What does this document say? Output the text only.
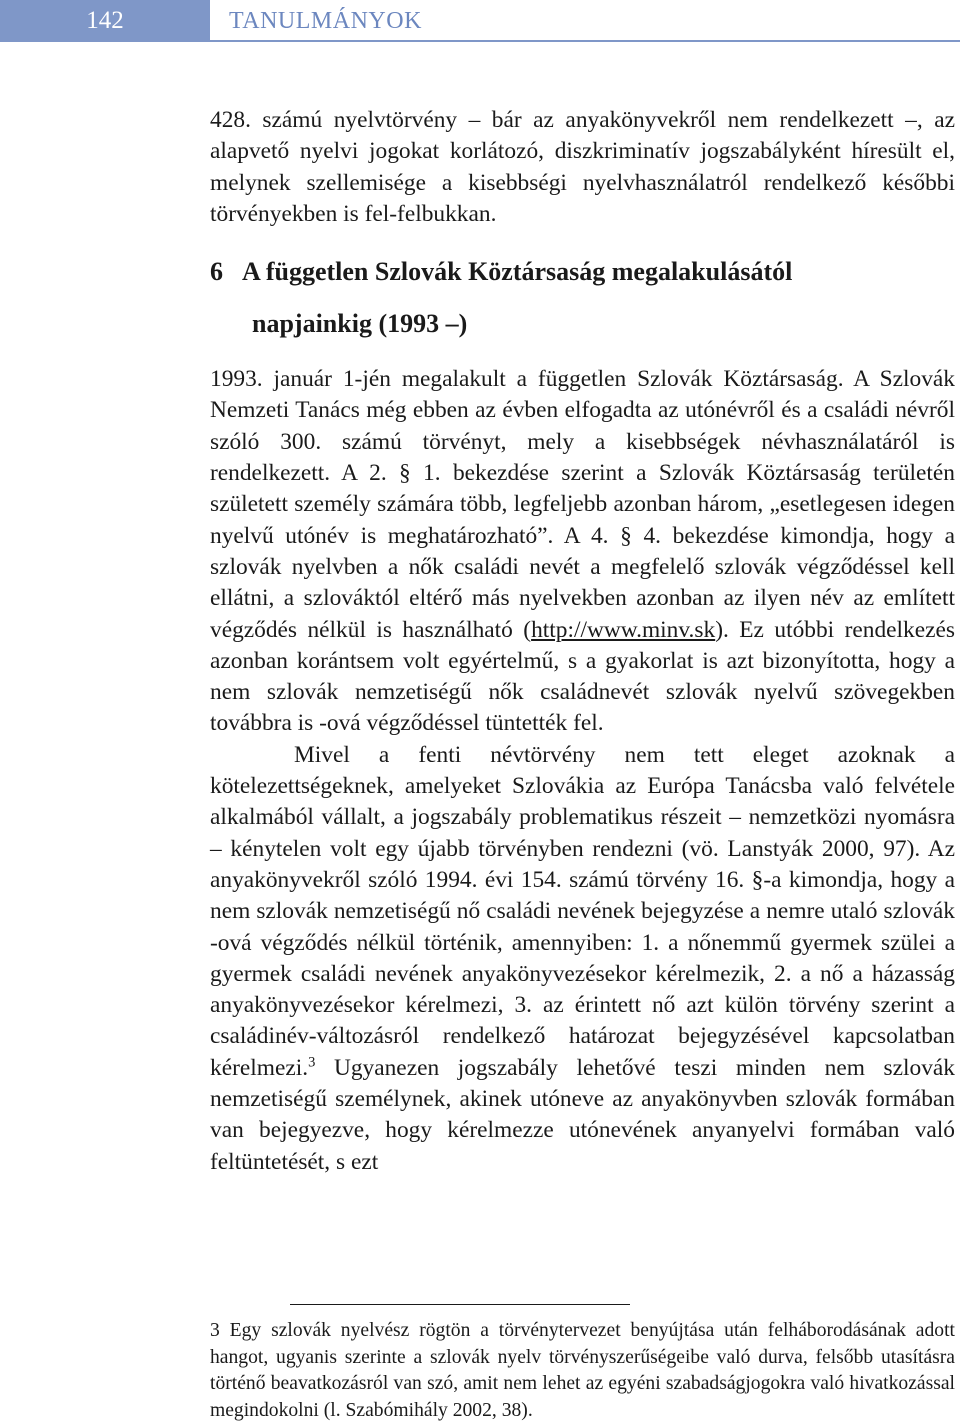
142	TANULMÁNYOK

428. számú nyelvtörvény – bár az anyakönyvekről nem rendelkezett –, az alapvető nyelvi jogokat korlátozó, diszkriminatív jogszabályként híresült el, melynek szellemisége a kisebbségi nyelvhasználatról rendelkező későbbi törvényekben is fel-felbukkan.

6 A független Szlovák Köztársaság megalakulásától
napjainkig (1993 –)

1993. január 1-jén megalakult a független Szlovák Köztársaság. A Szlovák Nemzeti Tanács még ebben az évben elfogadta az utónévről és a családi névről szóló 300. számú törvényt, mely a kisebbségek névhasználatáról is rendelkezett. A 2. § 1. bekezdése szerint a Szlovák Köztársaság területén született személy számára több, legfeljebb azonban három, „esetlegesen idegen nyelvű utónév is meghatározható”. A 4. § 4. bekezdése kimondja, hogy a szlovák nyelvben a nők családi nevét a megfelelő szlovák végződéssel kell ellátni, a szlováktól eltérő más nyelvekben azonban az ilyen név az említett végződés nélkül is használható (http://www.minv.sk). Ez utóbbi rendelkezés azonban korántsem volt egyértelmű, s a gyakorlat is azt bizonyította, hogy a nem szlovák nemzetiségű nők családnevét szlovák nyelvű szövegekben továbbra is -ová végződéssel tüntették fel.

Mivel a fenti névtörvény nem tett eleget azoknak a kötelezettségeknek, amelyeket Szlovákia az Európa Tanácsba való felvétele alkalmából vállalt, a jogszabály problematikus részeit – nemzetközi nyomásra – kénytelen volt egy újabb törvényben rendezni (vö. Lanstyák 2000, 97). Az anyakönyvekről szóló 1994. évi 154. számú törvény 16. §-a kimondja, hogy a nem szlovák nemzetiségű nő családi nevének bejegyzése a nemre utaló szlovák -ová végződés nélkül történik, amennyiben: 1. a nőnemmű gyermek szülei a gyermek családi nevének anyakönyvezésekor kérelmezik, 2. a nő a házasság anyakönyvezésekor kérelmezi, 3. az érintett nő azt külön törvény szerint a családinév-változásról rendelkező határozat bejegyzésével kapcsolatban kérelmezi.$^3$ Ugyanezen jogszabály lehetővé teszi minden nem szlovák nemzetiségű személynek, akinek utóneve az anyakönyvben szlovák formában van bejegyezve, hogy kérelmezze utónevének anyanyelvi formában való feltüntetését, s ezt

3 Egy szlovák nyelvész rögtön a törvénytervezet benyújtása után felháborodásának adott hangot, ugyanis szerinte a szlovák nyelv törvényszerűségeibe való durva, felsőbb utasításra történő beavatkozásról van szó, amit nem lehet az egyéni szabadságjogokra való hivatkozással megindokolni (l. Szabómihály 2002, 38).
